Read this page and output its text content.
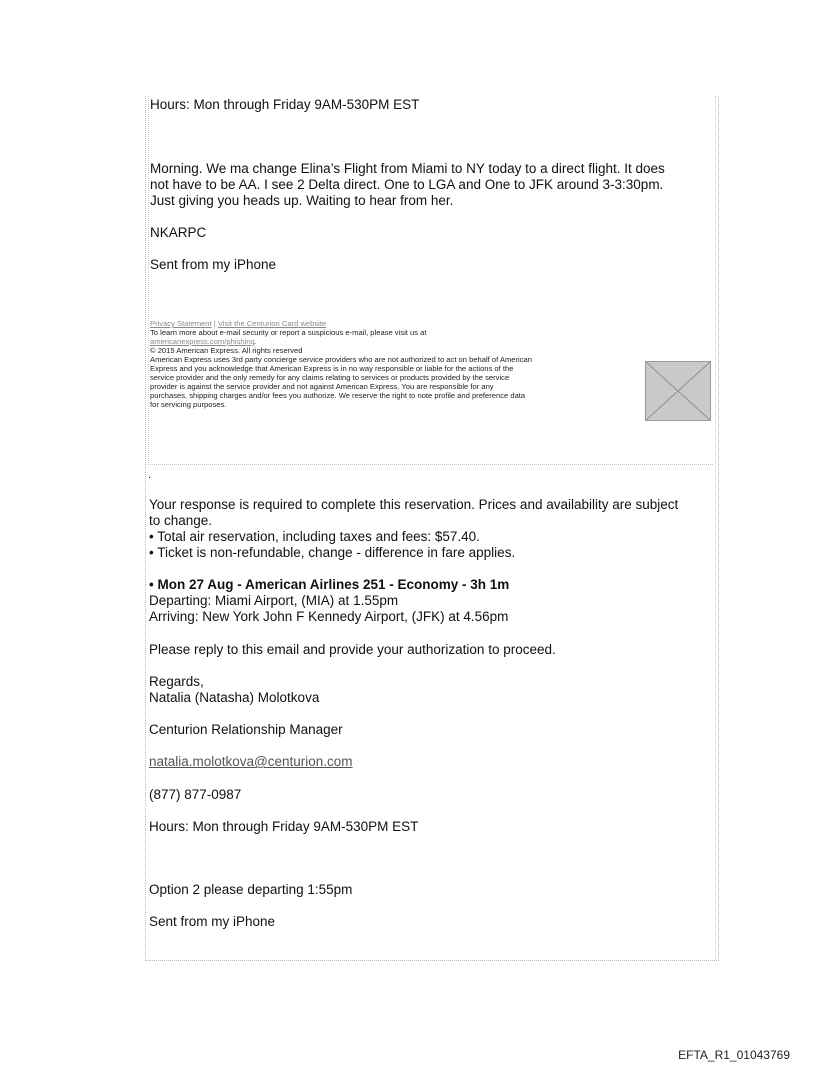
Hours: Mon through Friday 9AM-530PM EST
Morning. We ma change Elina’s Flight from Miami to NY today to a direct flight. It does
not have to be AA. I see 2 Delta direct. One to LGA and One to JFK around 3-3:30pm.
Just giving you heads up. Waiting to hear from her.
NKARPC
Sent from my iPhone
Privacy Statement | Visit the Centurion Card website
To learn more about e-mail security or report a suspicious e-mail, please visit us at
americanexpress.com/phishing.
© 2015 American Express. All rights reserved
American Express uses 3rd party concierge service providers who are not authorized to act on behalf of American
Express and you acknowledge that American Express is in no way responsible or liable for the actions of the
service provider and the only remedy for any claims relating to services or products provided by the service
provider is against the service provider and not against American Express. You are responsible for any
purchases, shipping charges and/or fees you authorize. We reserve the right to note profile and preference data
for servicing purposes.
.
Your response is required to complete this reservation. Prices and availability are subject
to change.
• Total air reservation, including taxes and fees: $57.40.
• Ticket is non-refundable, change - difference in fare applies.
• Mon 27 Aug - American Airlines 251 - Economy - 3h 1m
Departing: Miami Airport, (MIA) at 1.55pm
Arriving: New York John F Kennedy Airport, (JFK) at 4.56pm
Please reply to this email and provide your authorization to proceed.
Regards,
Natalia (Natasha) Molotkova
Centurion Relationship Manager
natalia.molotkova@centurion.com
(877) 877-0987
Hours: Mon through Friday 9AM-530PM EST
Option 2 please departing 1:55pm
Sent from my iPhone
EFTA_R1_01043769
